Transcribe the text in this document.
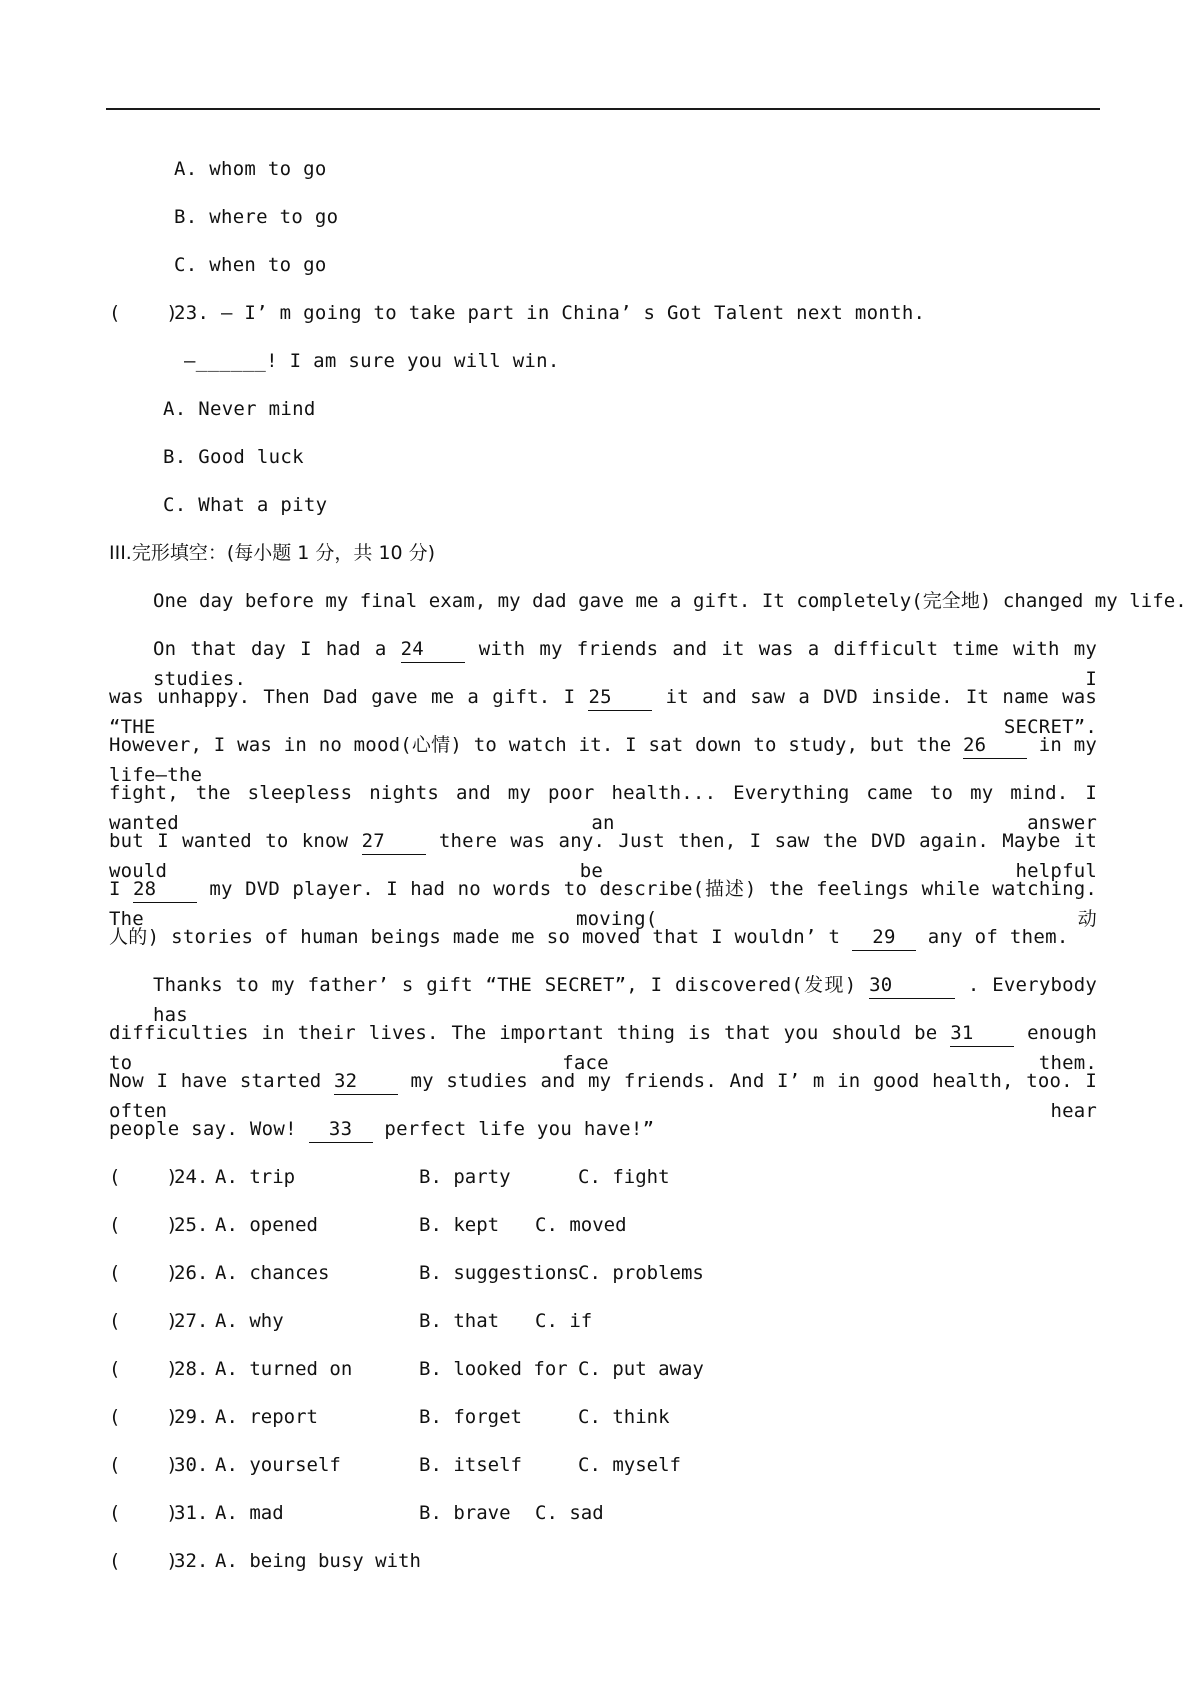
A. whom to go
B. where to go
C. when to go
(    )
23. — I’ m going to take part in China’ s Got Talent next month.
—______! I am sure you will win.
A. Never mind
B. Good luck
C. What a pity
III.完形填空：(每小题 1 分，共 10 分)
One day before my final exam, my dad gave me a gift. It completely(完全地) changed my life.
On that day I had a 24	with my friends and it was a difficult time with my studies. I
was unhappy. Then Dad gave me a gift. I 25	it and saw a DVD inside. It name was “THE SECRET”.
However, I was in no mood(心情) to watch it. I sat down to study, but the 26	in my life—the
fight, the sleepless nights and my poor health... Everything came to my mind. I wanted an answer
but I wanted to know 27	there was any. Just then, I saw the DVD again. Maybe it would be helpful
I 28	my DVD player. I had no words to describe(描述) the feelings while watching. The moving(动
人的) stories of human beings made me so moved that I wouldn’ t 29 any of them.
Thanks to my father’ s gift “THE SECRET”, I discovered(发现) 30	. Everybody has
difficulties in their lives. The important thing is that you should be 31	enough to face them.
Now I have started 32	my studies and my friends. And I’ m in good health, too. I often hear
people say. Wow! 33 perfect life you have!”
(    )
24. A. trip	B. party	C. fight
(    )
25. A. opened	B. kept C. moved
(    )
26. A. chances	B. suggestions
C. problems
(    )
27. A. why	B. that C. if
(    )
28. A. turned on	B. looked for C. put away
(    )
29. A. report	B. forget	C. think
(    )
30. A. yourself	B. itself	C. myself
(    )
31. A. mad	B. brave C. sad
(    )
32. A. being busy with
